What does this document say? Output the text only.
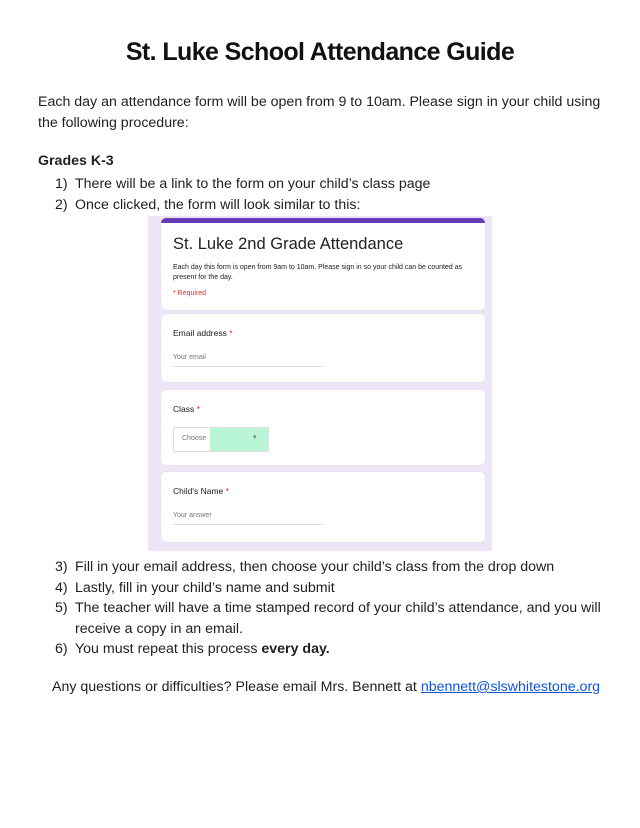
St. Luke School Attendance Guide

Each day an attendance form will be open from 9 to 10am. Please sign in your child using the following procedure:

Grades K-3

1) There will be a link to the form on your child’s class page
2) Once clicked, the form will look similar to this:

St. Luke 2nd Grade Attendance

Each day this form is open from 9am to 10am. Please sign in so your child can be counted as present for the day.

* Required

Email address *

Your email

Class *

Choose	▾

Child's Name *

Your answer
3) Fill in your email address, then choose your child’s class from the drop down
4) Lastly, fill in your child’s name and submit
5) The teacher will have a time stamped record of your child’s attendance, and you will receive a copy in an email.
6) You must repeat this process every day.

Any questions or difficulties? Please email Mrs. Bennett at nbennett@slswhitestone.org
